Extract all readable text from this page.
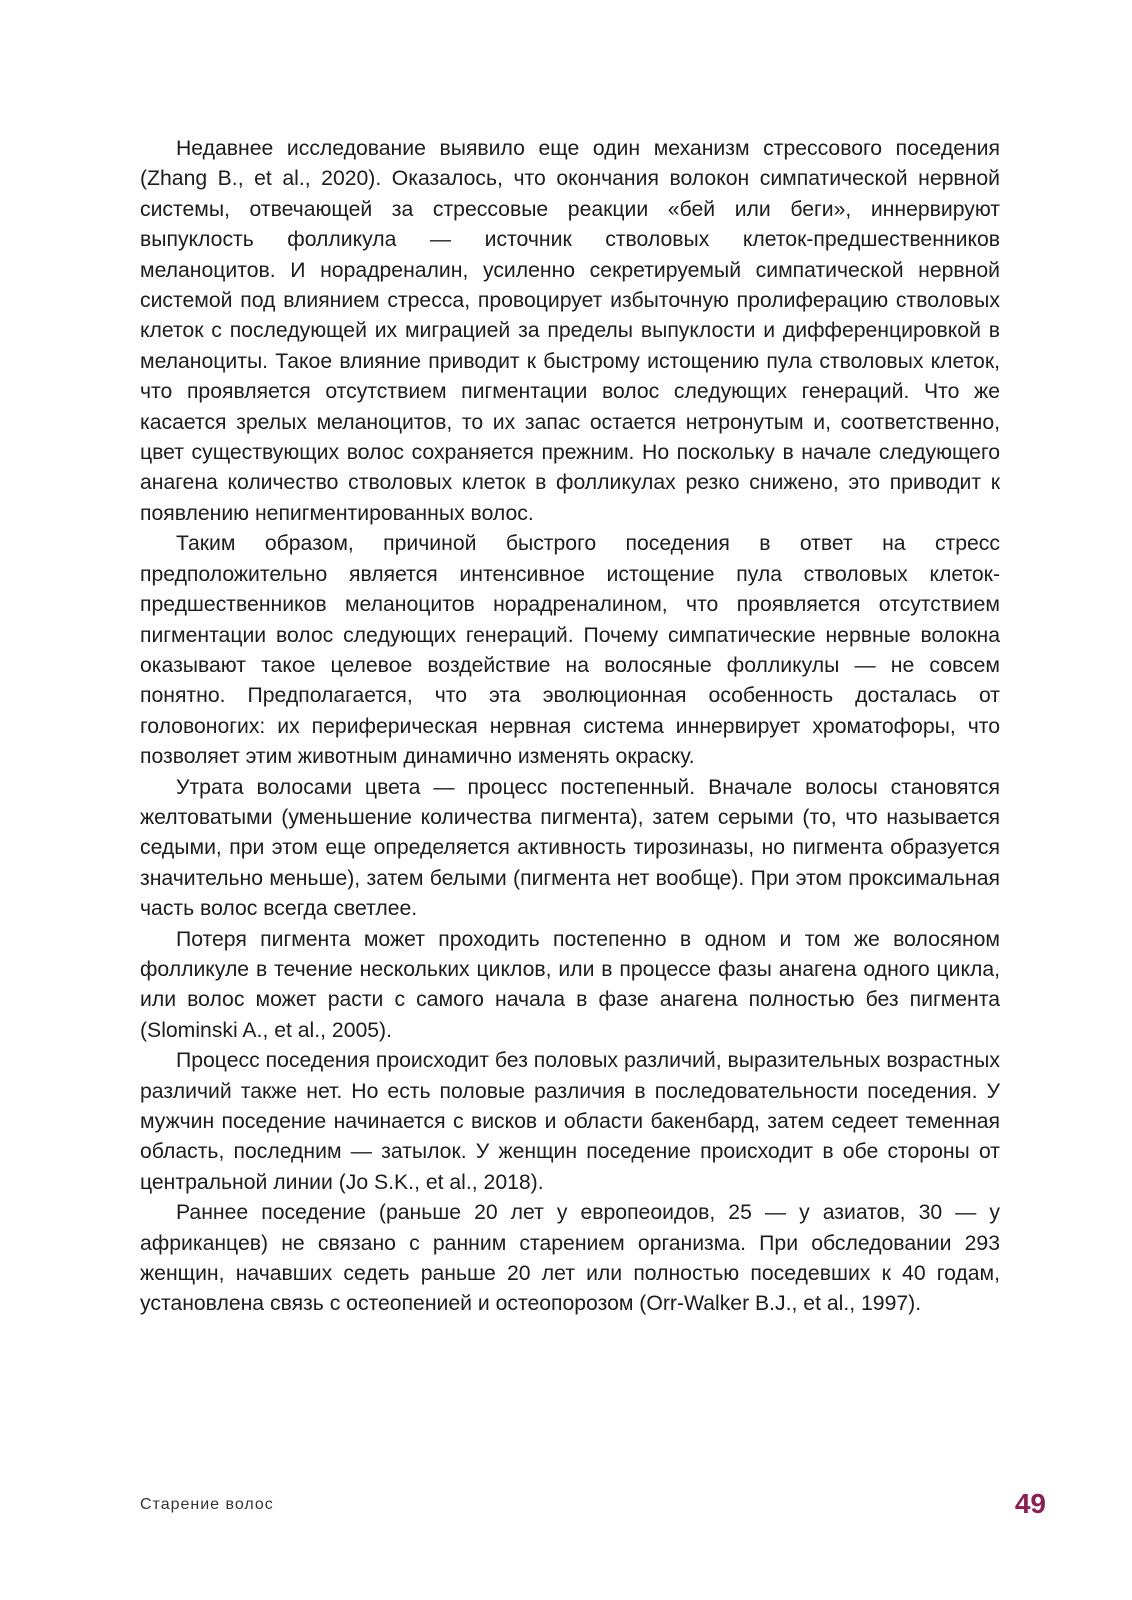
Недавнее исследование выявило еще один механизм стрессового поседения (Zhang B., et al., 2020). Оказалось, что окончания волокон симпатической нервной системы, отвечающей за стрессовые реакции «бей или беги», иннервируют выпуклость фолликула — источник стволовых клеток-предшественников меланоцитов. И норадреналин, усиленно секретируемый симпатической нервной системой под влиянием стресса, провоцирует избыточную пролиферацию стволовых клеток с последующей их миграцией за пределы выпуклости и дифференцировкой в меланоциты. Такое влияние приводит к быстрому истощению пула стволовых клеток, что проявляется отсутствием пигментации волос следующих генераций. Что же касается зрелых меланоцитов, то их запас остается нетронутым и, соответственно, цвет существующих волос сохраняется прежним. Но поскольку в начале следующего анагена количество стволовых клеток в фолликулах резко снижено, это приводит к появлению непигментированных волос.

Таким образом, причиной быстрого поседения в ответ на стресс предположительно является интенсивное истощение пула стволовых клеток-предшественников меланоцитов норадреналином, что проявляется отсутствием пигментации волос следующих генераций. Почему симпатические нервные волокна оказывают такое целевое воздействие на волосяные фолликулы — не совсем понятно. Предполагается, что эта эволюционная особенность досталась от головоногих: их периферическая нервная система иннервирует хроматофоры, что позволяет этим животным динамично изменять окраску.

Утрата волосами цвета — процесс постепенный. Вначале волосы становятся желтоватыми (уменьшение количества пигмента), затем серыми (то, что называется седыми, при этом еще определяется активность тирозиназы, но пигмента образуется значительно меньше), затем белыми (пигмента нет вообще). При этом проксимальная часть волос всегда светлее.

Потеря пигмента может проходить постепенно в одном и том же волосяном фолликуле в течение нескольких циклов, или в процессе фазы анагена одного цикла, или волос может расти с самого начала в фазе анагена полностью без пигмента (Slominski A., et al., 2005).

Процесс поседения происходит без половых различий, выразительных возрастных различий также нет. Но есть половые различия в последовательности поседения. У мужчин поседение начинается с висков и области бакенбард, затем седеет теменная область, последним — затылок. У женщин поседение происходит в обе стороны от центральной линии (Jo S.K., et al., 2018).

Раннее поседение (раньше 20 лет у европеоидов, 25 — у азиатов, 30 — у африканцев) не связано с ранним старением организма. При обследовании 293 женщин, начавших седеть раньше 20 лет или полностью поседевших к 40 годам, установлена связь с остеопенией и остеопорозом (Orr-Walker B.J., et al., 1997).

Старение волос	49
